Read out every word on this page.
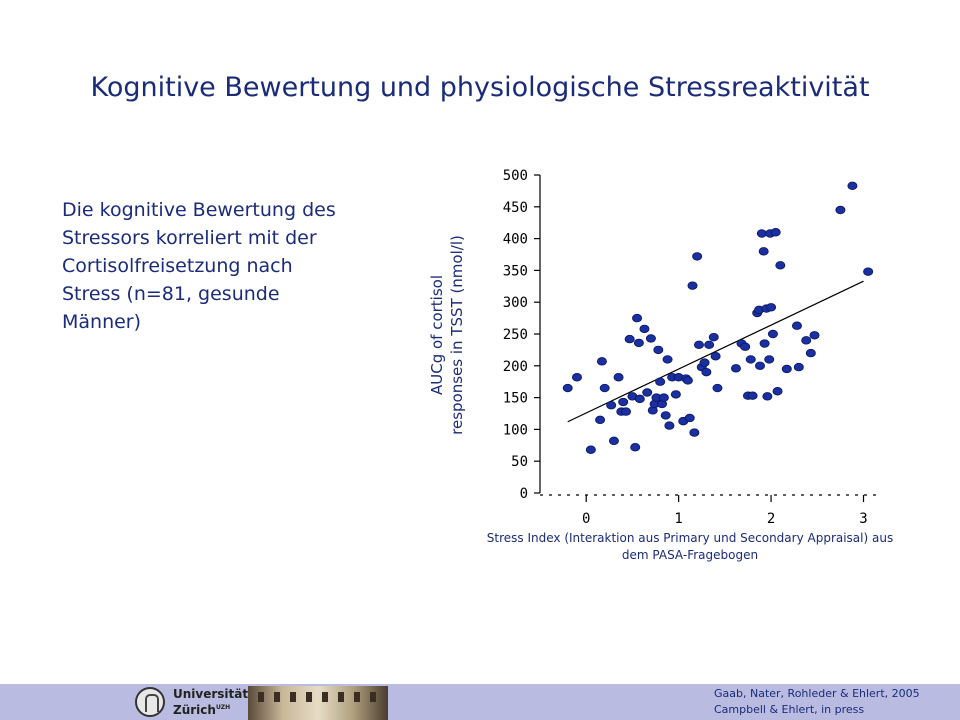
Kognitive Bewertung und physiologische Stressreaktivität
Die kognitive Bewertung des
Stressors korreliert mit der
Cortisolfreisetzung nach
Stress (n=81, gesunde
Männer)	AUCg of cortisol responses in TSST (nmol/l)
0
50
100
150
200
250
300
350
400
450
500
0	1	2	3
Stress Index (Interaktion aus Primary und Secondary Appraisal) aus
dem PASA-Fragebogen
Universität
Zürich$^{UZH}$
Gaab, Nater, Rohleder & Ehlert, 2005
Campbell & Ehlert, in press
